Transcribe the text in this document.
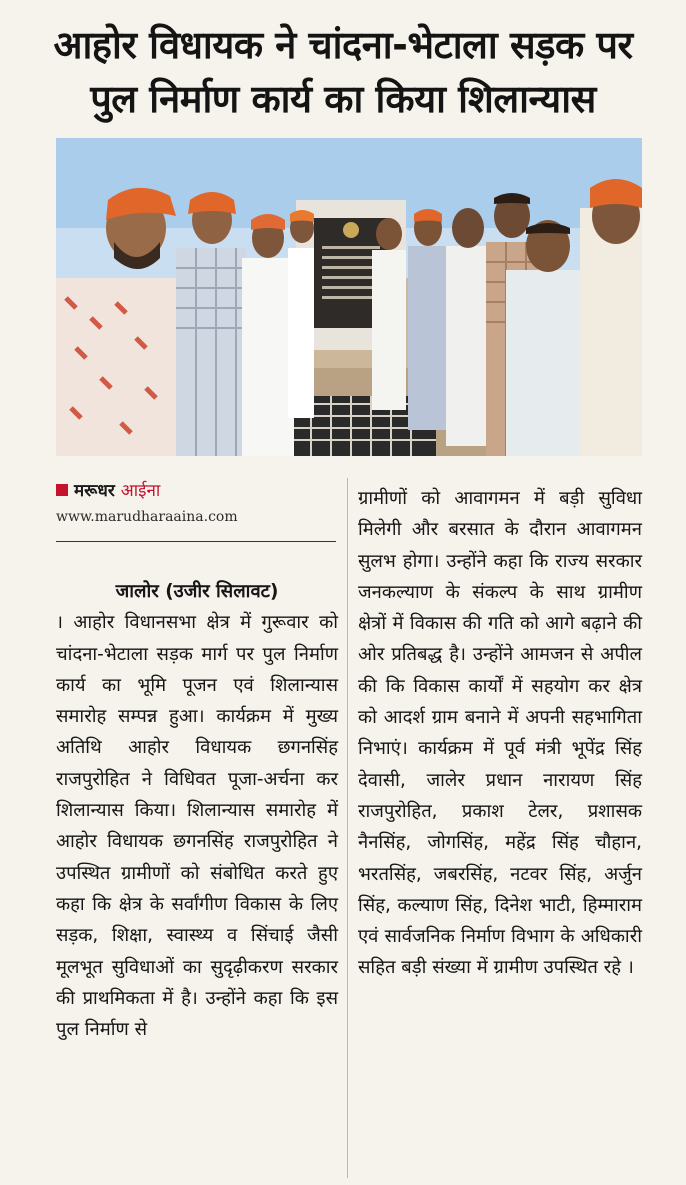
आहोर विधायक ने चांदना-भेटाला सड़क पर पुल निर्माण कार्य का किया शिलान्यास
मरूधर आईना
www.marudharaaina.com
जालोर (उजीर सिलावट)

। आहोर विधानसभा क्षेत्र में गुरूवार को चांदना-भेटाला सड़क मार्ग पर पुल निर्माण कार्य का भूमि पूजन एवं शिलान्यास समारोह सम्पन्न हुआ। कार्यक्रम में मुख्य अतिथि आहोर विधायक छगनसिंह राजपुरोहित ने विधिवत पूजा-अर्चना कर शिलान्यास किया। शिलान्यास समारोह में आहोर विधायक छगनसिंह राजपुरोहित ने उपस्थित ग्रामीणों को संबोधित करते हुए कहा कि क्षेत्र के सर्वांगीण विकास के लिए सड़क, शिक्षा, स्वास्थ्य व सिंचाई जैसी मूलभूत सुविधाओं का सुदृढ़ीकरण सरकार की प्राथमिकता में है। उन्होंने कहा कि इस पुल निर्माण से

ग्रामीणों को आवागमन में बड़ी सुविधा मिलेगी और बरसात के दौरान आवागमन सुलभ होगा। उन्होंने कहा कि राज्य सरकार जनकल्याण के संकल्प के साथ ग्रामीण क्षेत्रों में विकास की गति को आगे बढ़ाने की ओर प्रतिबद्ध है। उन्होंने आमजन से अपील की कि विकास कार्यों में सहयोग कर क्षेत्र को आदर्श ग्राम बनाने में अपनी सहभागिता निभाएं। कार्यक्रम में पूर्व मंत्री भूपेंद्र सिंह देवासी, जालेर प्रधान नारायण सिंह राजपुरोहित, प्रकाश टेलर, प्रशासक नैनसिंह, जोगसिंह, महेंद्र सिंह चौहान, भरतसिंह, जबरसिंह, नटवर सिंह, अर्जुन सिंह, कल्याण सिंह, दिनेश भाटी, हिम्माराम एवं सार्वजनिक निर्माण विभाग के अधिकारी सहित बड़ी संख्या में ग्रामीण उपस्थित रहे ।
